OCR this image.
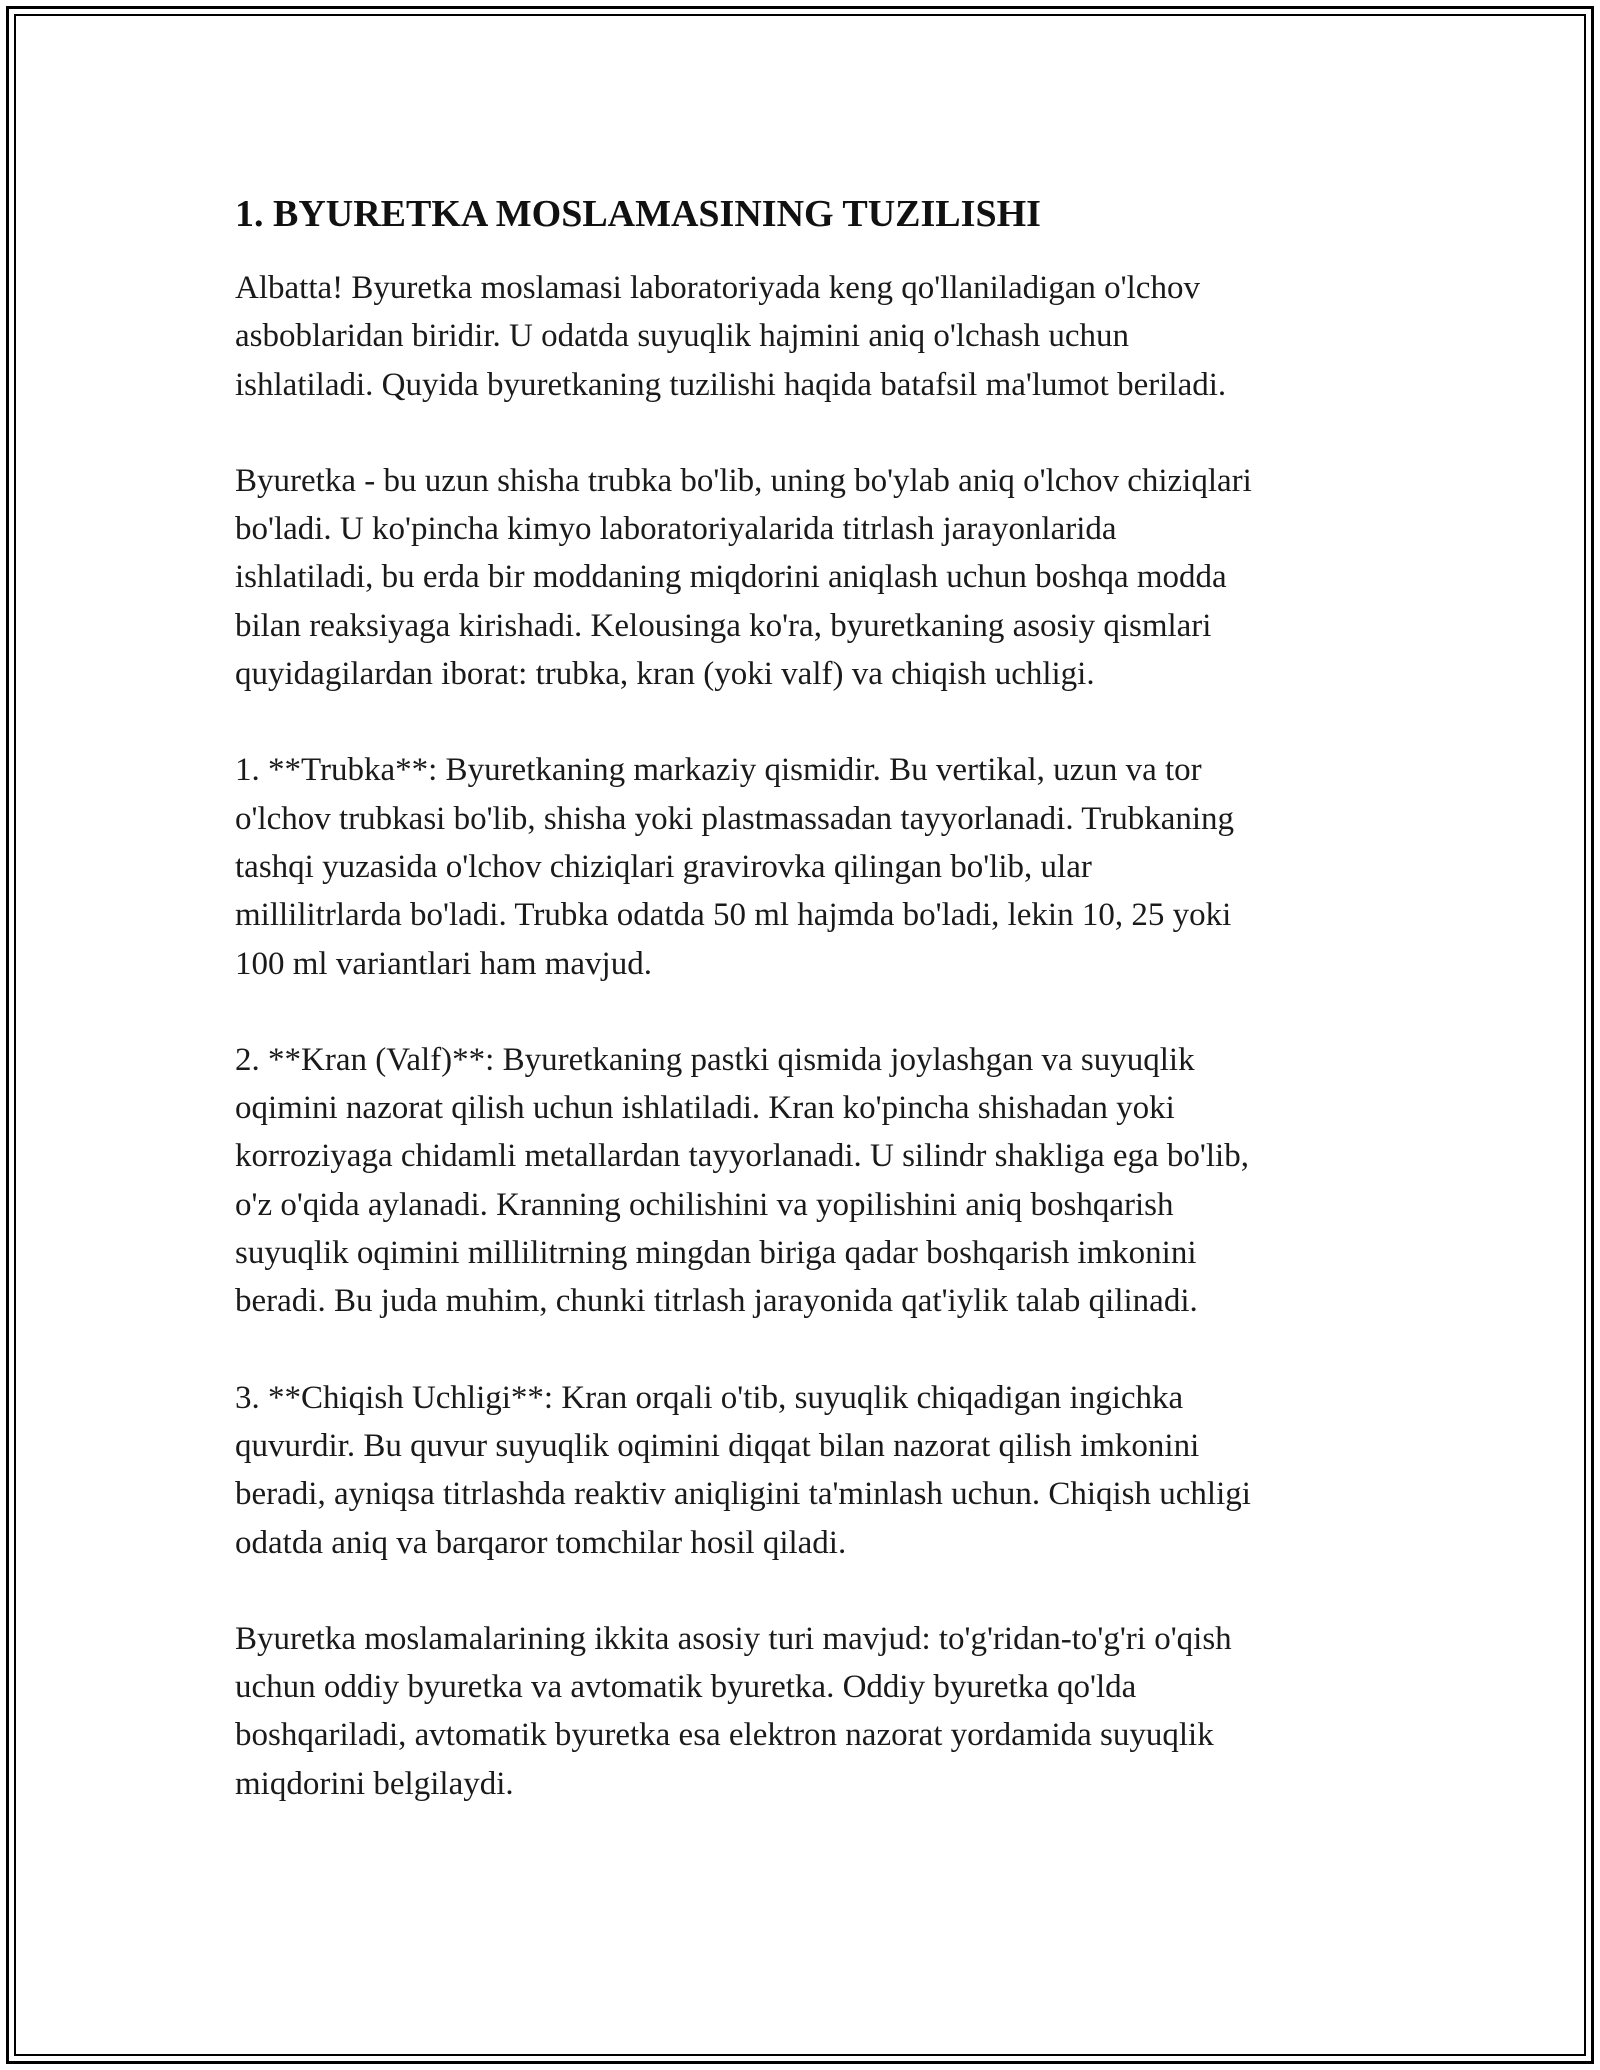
1. BYURETKA MOSLAMASINING TUZILISHI

Albatta! Byuretka moslamasi laboratoriyada keng qo'llaniladigan o'lchov
asboblaridan biridir. U odatda suyuqlik hajmini aniq o'lchash uchun
ishlatiladi. Quyida byuretkaning tuzilishi haqida batafsil ma'lumot beriladi.

Byuretka - bu uzun shisha trubka bo'lib, uning bo'ylab aniq o'lchov chiziqlari
bo'ladi. U ko'pincha kimyo laboratoriyalarida titrlash jarayonlarida
ishlatiladi, bu erda bir moddaning miqdorini aniqlash uchun boshqa modda
bilan reaksiyaga kirishadi. Kelousinga ko'ra, byuretkaning asosiy qismlari
quyidagilardan iborat: trubka, kran (yoki valf) va chiqish uchligi.

1. **Trubka**: Byuretkaning markaziy qismidir. Bu vertikal, uzun va tor
o'lchov trubkasi bo'lib, shisha yoki plastmassadan tayyorlanadi. Trubkaning
tashqi yuzasida o'lchov chiziqlari gravirovka qilingan bo'lib, ular
millilitrlarda bo'ladi. Trubka odatda 50 ml hajmda bo'ladi, lekin 10, 25 yoki
100 ml variantlari ham mavjud.

2. **Kran (Valf)**: Byuretkaning pastki qismida joylashgan va suyuqlik
oqimini nazorat qilish uchun ishlatiladi. Kran ko'pincha shishadan yoki
korroziyaga chidamli metallardan tayyorlanadi. U silindr shakliga ega bo'lib,
o'z o'qida aylanadi. Kranning ochilishini va yopilishini aniq boshqarish
suyuqlik oqimini millilitrning mingdan biriga qadar boshqarish imkonini
beradi. Bu juda muhim, chunki titrlash jarayonida qat'iylik talab qilinadi.

3. **Chiqish Uchligi**: Kran orqali o'tib, suyuqlik chiqadigan ingichka
quvurdir. Bu quvur suyuqlik oqimini diqqat bilan nazorat qilish imkonini
beradi, ayniqsa titrlashda reaktiv aniqligini ta'minlash uchun. Chiqish uchligi
odatda aniq va barqaror tomchilar hosil qiladi.

Byuretka moslamalarining ikkita asosiy turi mavjud: to'g'ridan-to'g'ri o'qish
uchun oddiy byuretka va avtomatik byuretka. Oddiy byuretka qo'lda
boshqariladi, avtomatik byuretka esa elektron nazorat yordamida suyuqlik
miqdorini belgilaydi.
